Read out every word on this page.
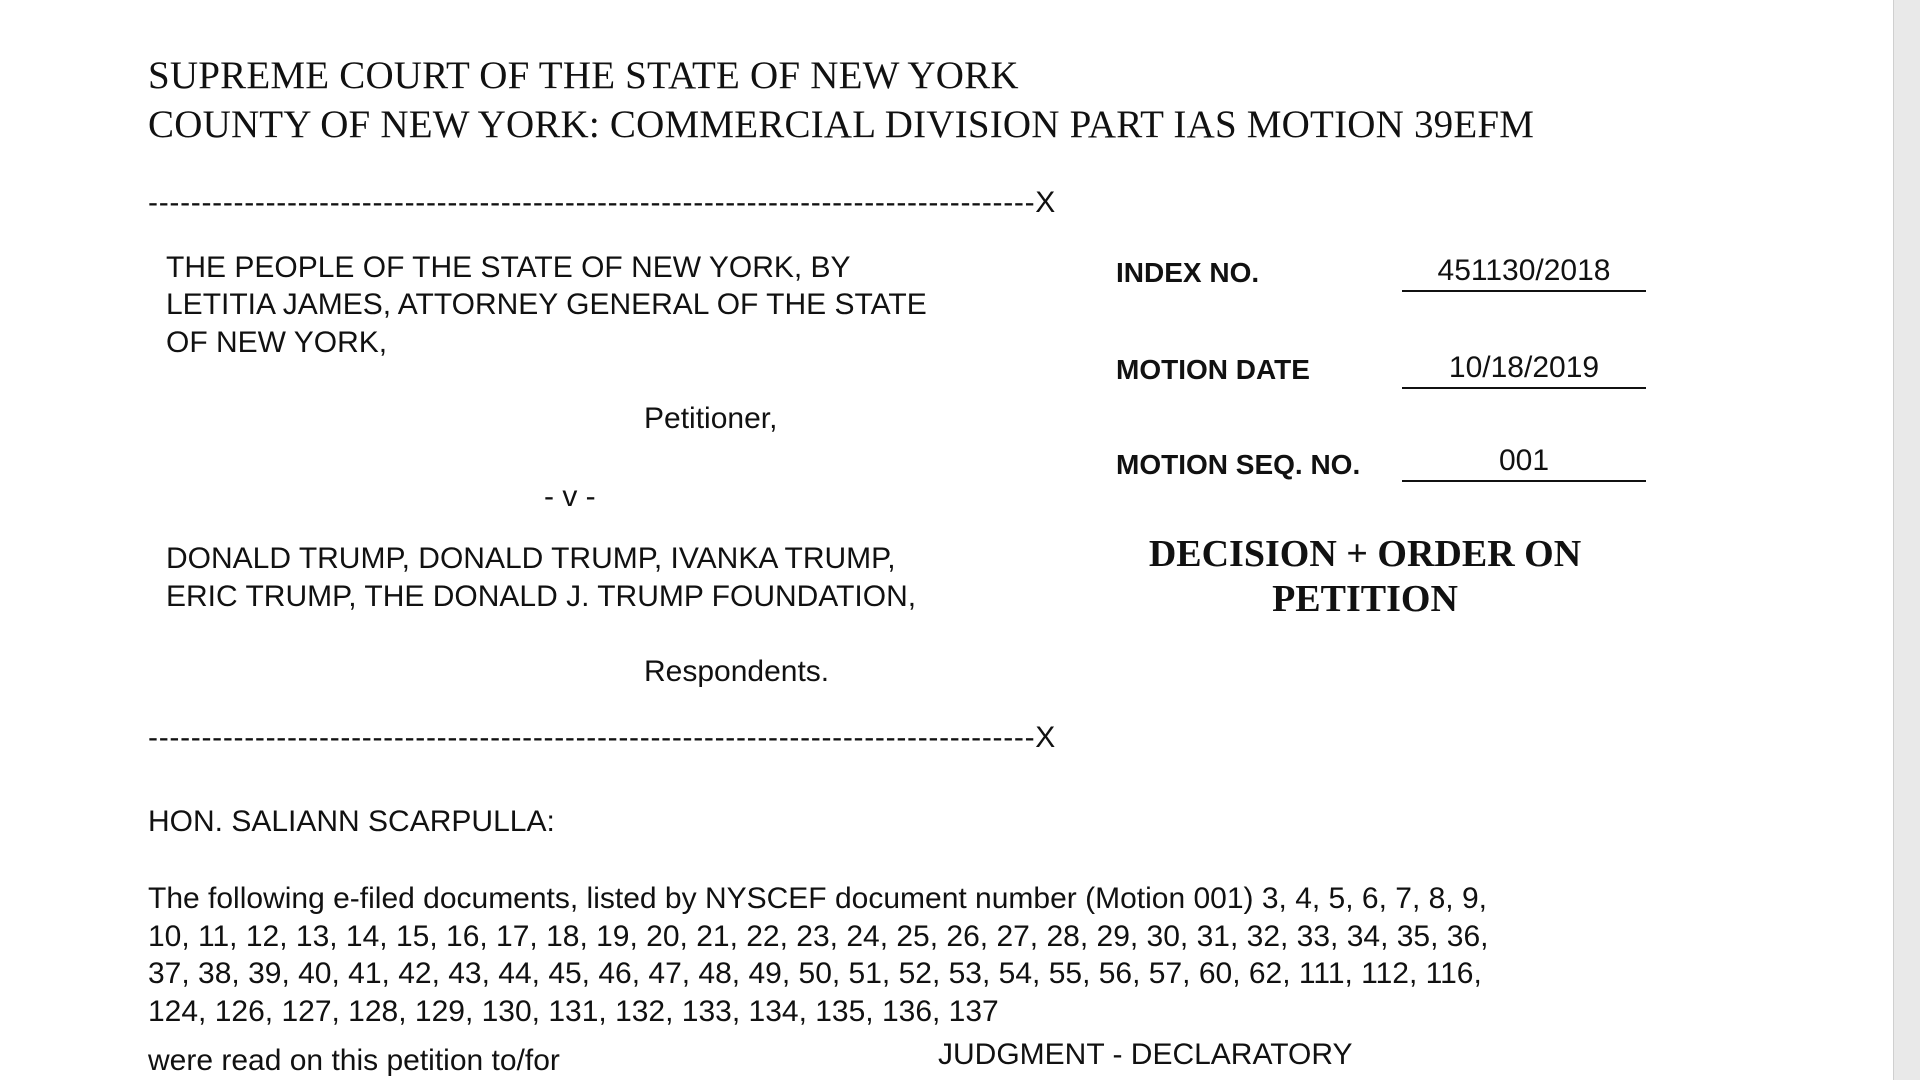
SUPREME COURT OF THE STATE OF NEW YORK
COUNTY OF NEW YORK: COMMERCIAL DIVISION PART IAS MOTION 39EFM
-----------------------------------------------------------------------------------X
THE PEOPLE OF THE STATE OF NEW YORK, BY
LETITIA JAMES, ATTORNEY GENERAL OF THE STATE
OF NEW YORK,
Petitioner,
- v -
DONALD TRUMP, DONALD TRUMP, IVANKA TRUMP,
ERIC TRUMP, THE DONALD J. TRUMP FOUNDATION,
Respondents.
-----------------------------------------------------------------------------------X
INDEX NO.	451130/2018
MOTION DATE	10/18/2019
MOTION SEQ. NO.	001
DECISION + ORDER ON
PETITION
HON. SALIANN SCARPULLA:
The following e-filed documents, listed by NYSCEF document number (Motion 001) 3, 4, 5, 6, 7, 8, 9,
10, 11, 12, 13, 14, 15, 16, 17, 18, 19, 20, 21, 22, 23, 24, 25, 26, 27, 28, 29, 30, 31, 32, 33, 34, 35, 36,
37, 38, 39, 40, 41, 42, 43, 44, 45, 46, 47, 48, 49, 50, 51, 52, 53, 54, 55, 56, 57, 60, 62, 111, 112, 116,
124, 126, 127, 128, 129, 130, 131, 132, 133, 134, 135, 136, 137
were read on this petition to/for	JUDGMENT - DECLARATORY
